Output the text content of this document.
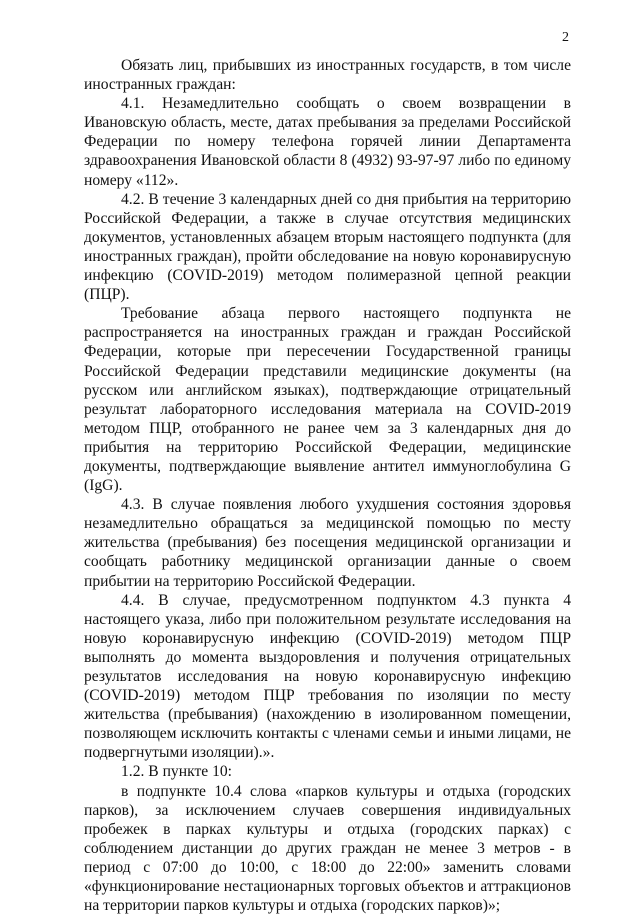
2

Обязать лиц, прибывших из иностранных государств, в том числе иностранных граждан:

4.1. Незамедлительно сообщать о своем возвращении в Ивановскую область, месте, датах пребывания за пределами Российской Федерации по номеру телефона горячей линии Департамента здравоохранения Ивановской области 8 (4932) 93-97-97 либо по единому номеру «112».

4.2. В течение 3 календарных дней со дня прибытия на территорию Российской Федерации, а также в случае отсутствия медицинских документов, установленных абзацем вторым настоящего подпункта (для иностранных граждан), пройти обследование на новую коронавирусную инфекцию (COVID-2019) методом полимеразной цепной реакции (ПЦР).

Требование абзаца первого настоящего подпункта не распространяется на иностранных граждан и граждан Российской Федерации, которые при пересечении Государственной границы Российской Федерации представили медицинские документы (на русском или английском языках), подтверждающие отрицательный результат лабораторного исследования материала на COVID-2019 методом ПЦР, отобранного не ранее чем за 3 календарных дня до прибытия на территорию Российской Федерации, медицинские документы, подтверждающие выявление антител иммуноглобулина G (IgG).

4.3. В случае появления любого ухудшения состояния здоровья незамедлительно обращаться за медицинской помощью по месту жительства (пребывания) без посещения медицинской организации и сообщать работнику медицинской организации данные о своем прибытии на территорию Российской Федерации.

4.4. В случае, предусмотренном подпунктом 4.3 пункта 4 настоящего указа, либо при положительном результате исследования на новую коронавирусную инфекцию (COVID-2019) методом ПЦР выполнять до момента выздоровления и получения отрицательных результатов исследования на новую коронавирусную инфекцию (COVID-2019) методом ПЦР требования по изоляции по месту жительства (пребывания) (нахождению в изолированном помещении, позволяющем исключить контакты с членами семьи и иными лицами, не подвергнутыми изоляции).».

1.2. В пункте 10:

в подпункте 10.4 слова «парков культуры и отдыха (городских парков), за исключением случаев совершения индивидуальных пробежек в парках культуры и отдыха (городских парках) с соблюдением дистанции до других граждан не менее 3 метров - в период с 07:00 до 10:00, с 18:00 до 22:00» заменить словами «функционирование нестационарных торговых объектов и аттракционов на территории парков культуры и отдыха (городских парков)»;
